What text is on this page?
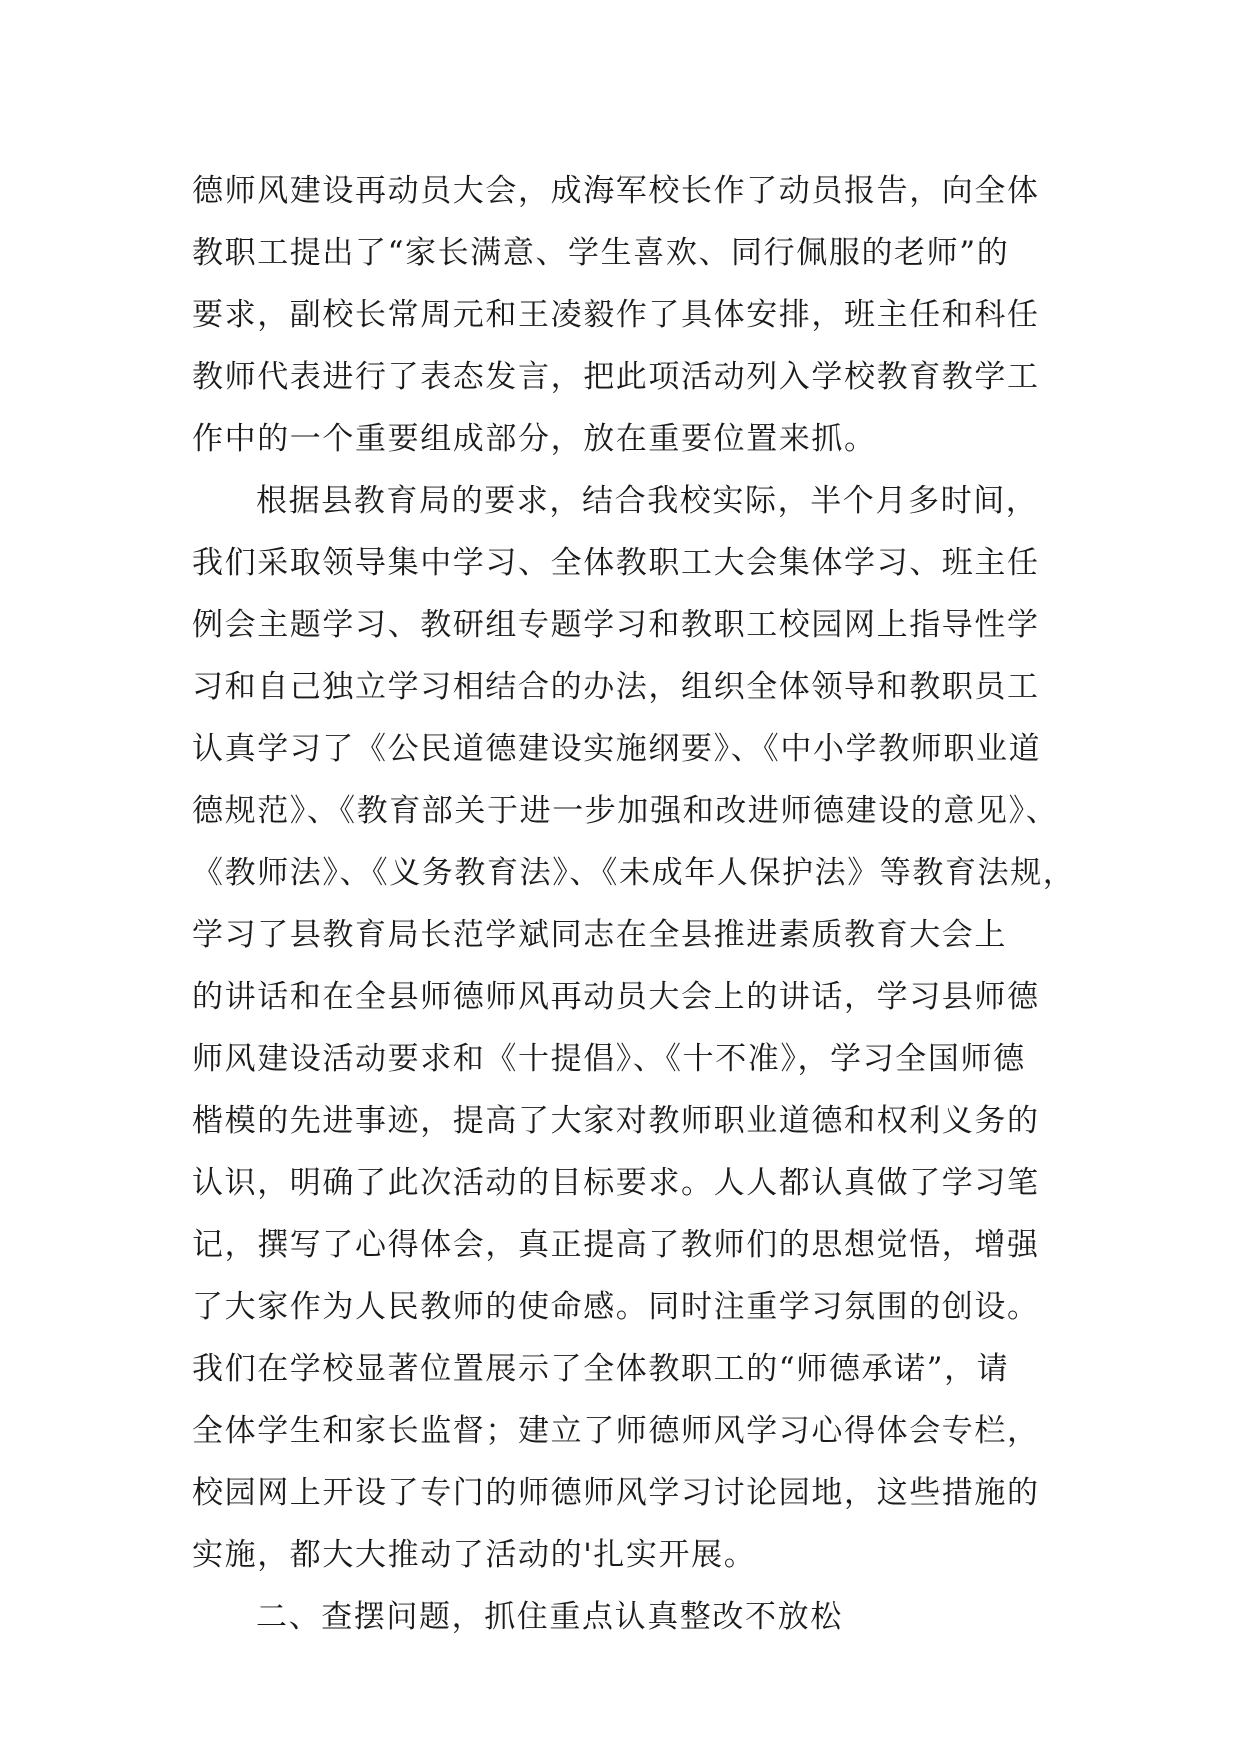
德师风建设再动员大会，成海军校长作了动员报告，向全体
教职工提出了“家长满意、学生喜欢、同行佩服的老师”的
要求，副校长常周元和王凌毅作了具体安排，班主任和科任
教师代表进行了表态发言，把此项活动列入学校教育教学工
作中的一个重要组成部分，放在重要位置来抓。
根据县教育局的要求，结合我校实际，半个月多时间，
我们采取领导集中学习、全体教职工大会集体学习、班主任
例会主题学习、教研组专题学习和教职工校园网上指导性学
习和自己独立学习相结合的办法，组织全体领导和教职员工
认真学习了《公民道德建设实施纲要》、《中小学教师职业道
德规范》、《教育部关于进一步加强和改进师德建设的意见》、
《教师法》、《义务教育法》、《未成年人保护法》等教育法规，
学习了县教育局长范学斌同志在全县推进素质教育大会上
的讲话和在全县师德师风再动员大会上的讲话，学习县师德
师风建设活动要求和《十提倡》、《十不准》，学习全国师德
楷模的先进事迹，提高了大家对教师职业道德和权利义务的
认识，明确了此次活动的目标要求。人人都认真做了学习笔
记，撰写了心得体会，真正提高了教师们的思想觉悟，增强
了大家作为人民教师的使命感。同时注重学习氛围的创设。
我们在学校显著位置展示了全体教职工的“师德承诺”，请
全体学生和家长监督；建立了师德师风学习心得体会专栏，
校园网上开设了专门的师德师风学习讨论园地，这些措施的
实施，都大大推动了活动的'扎实开展。
二、查摆问题，抓住重点认真整改不放松
